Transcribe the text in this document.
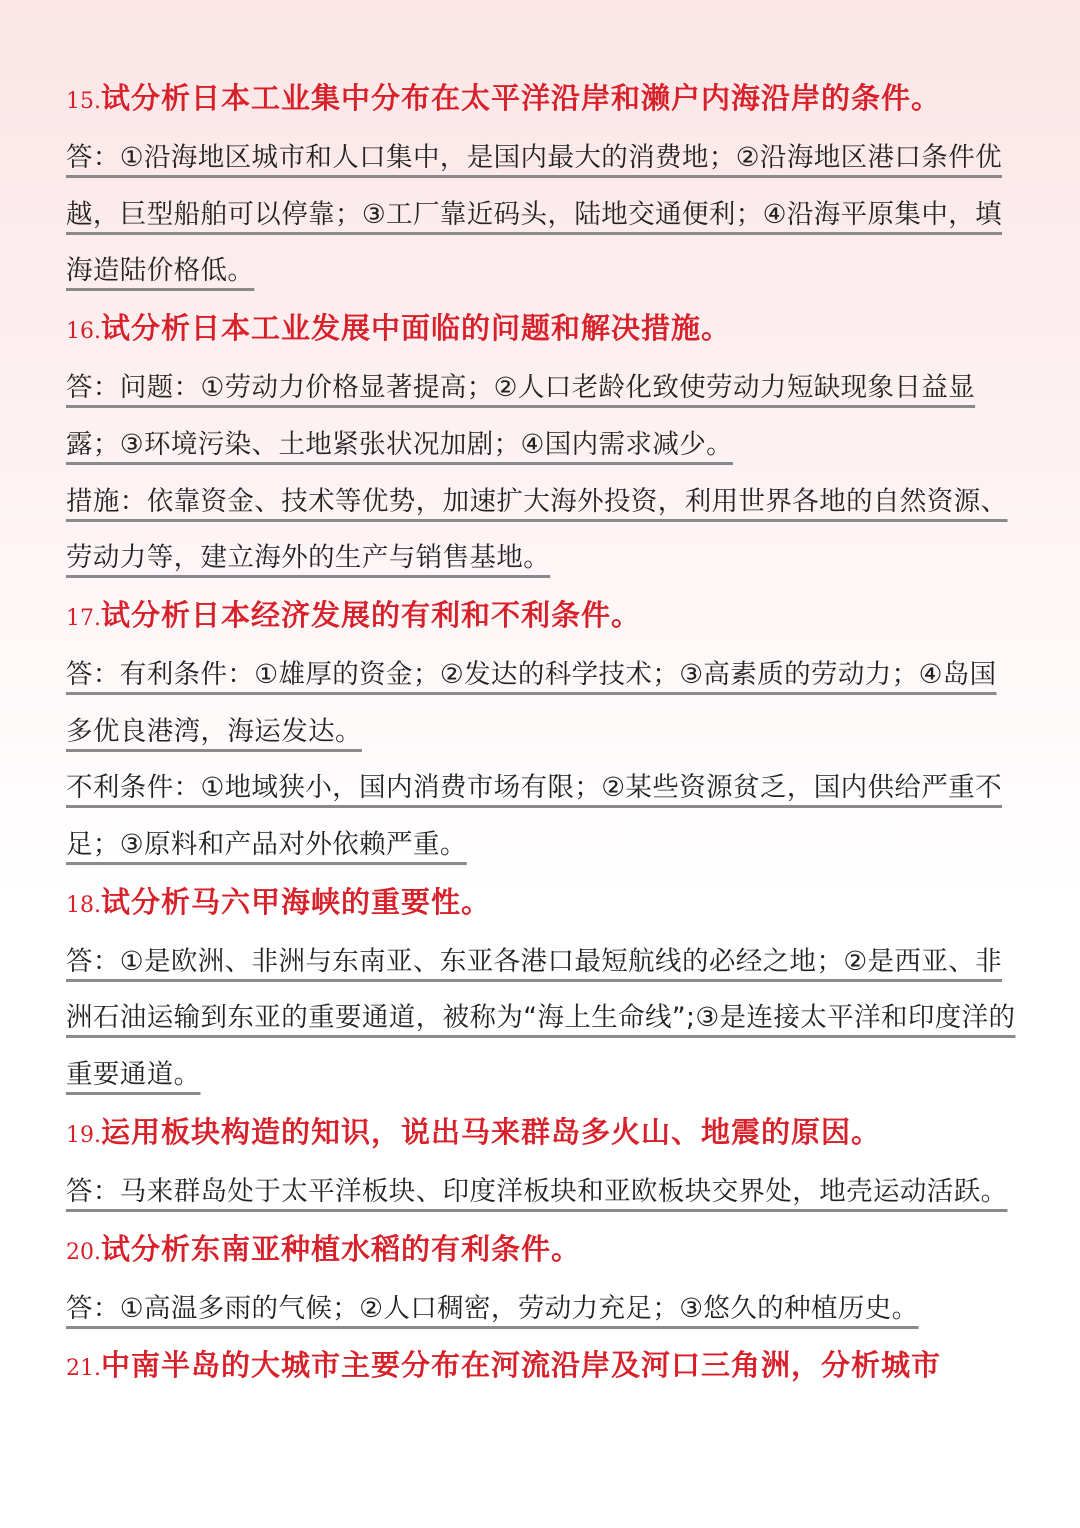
15.试分析日本工业集中分布在太平洋沿岸和濑户内海沿岸的条件。
答：①沿海地区城市和人口集中，是国内最大的消费地；②沿海地区港口条件优越，巨型船舶可以停靠；③工厂靠近码头，陆地交通便利；④沿海平原集中，填海造陆价格低。
16.试分析日本工业发展中面临的问题和解决措施。
答：问题：①劳动力价格显著提高；②人口老龄化致使劳动力短缺现象日益显露；③环境污染、土地紧张状况加剧；④国内需求减少。
措施：依靠资金、技术等优势，加速扩大海外投资，利用世界各地的自然资源、劳动力等，建立海外的生产与销售基地。
17.试分析日本经济发展的有利和不利条件。
答：有利条件：①雄厚的资金；②发达的科学技术；③高素质的劳动力；④岛国多优良港湾，海运发达。
不利条件：①地域狭小，国内消费市场有限；②某些资源贫乏，国内供给严重不足；③原料和产品对外依赖严重。
18.试分析马六甲海峡的重要性。
答：①是欧洲、非洲与东南亚、东亚各港口最短航线的必经之地；②是西亚、非洲石油运输到东亚的重要通道，被称为“海上生命线”;③是连接太平洋和印度洋的重要通道。
19.运用板块构造的知识，说出马来群岛多火山、地震的原因。
答：马来群岛处于太平洋板块、印度洋板块和亚欧板块交界处，地壳运动活跃。
20.试分析东南亚种植水稻的有利条件。
答：①高温多雨的气候；②人口稠密，劳动力充足；③悠久的种植历史。
21.中南半岛的大城市主要分布在河流沿岸及河口三角洲，分析城市
